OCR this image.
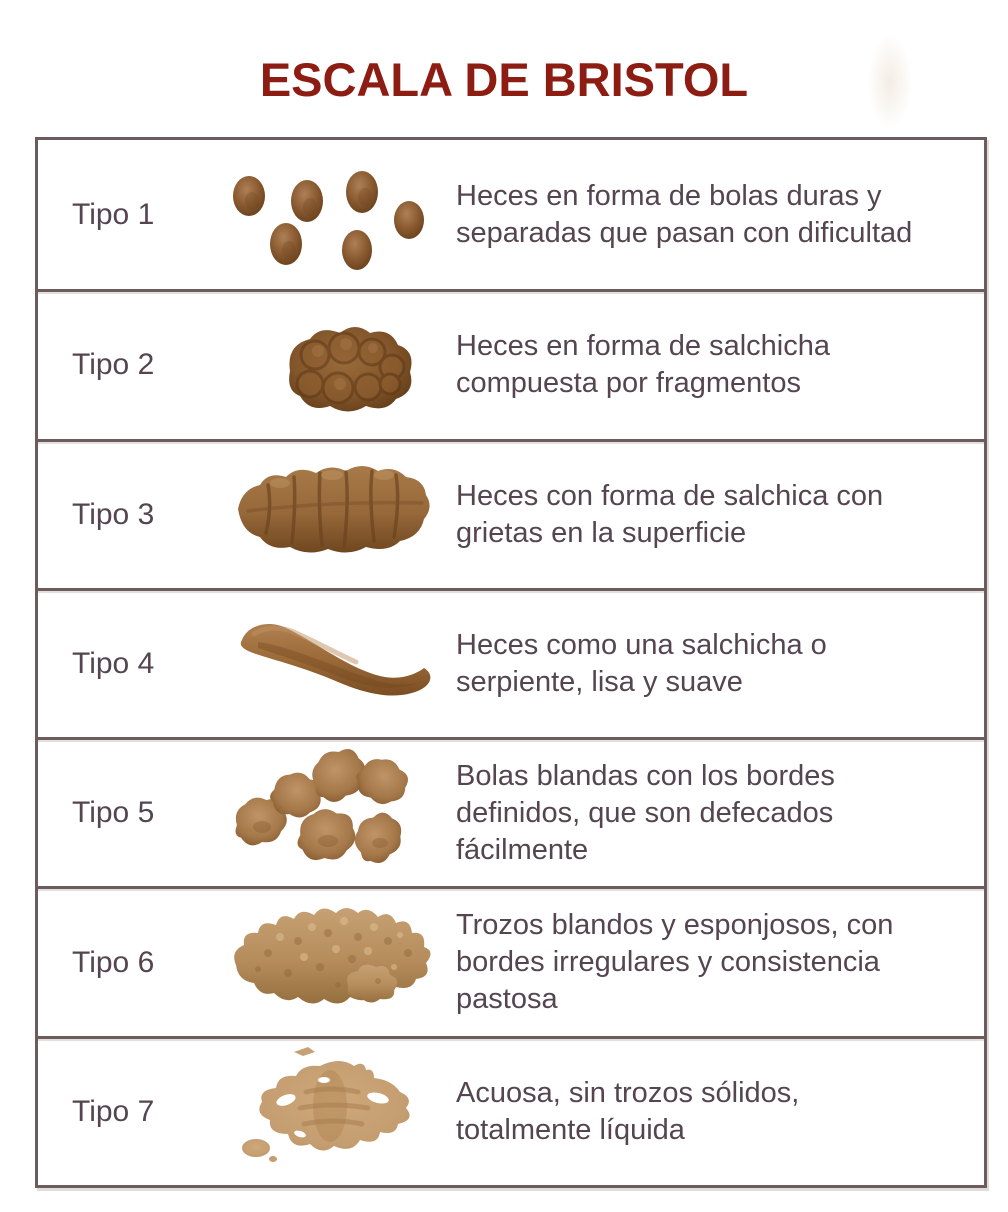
ESCALA DE BRISTOL
Tipo 1
Heces en forma de bolas duras y
separadas que pasan con dificultad
Tipo 2
Heces en forma de salchicha
compuesta por fragmentos
Tipo 3
Heces con forma de salchica con
grietas en la superficie
Tipo 4
Heces como una salchicha o
serpiente, lisa y suave
Tipo 5
Bolas blandas con los bordes
definidos, que son defecados
fácilmente
Tipo 6
Trozos blandos y esponjosos, con
bordes irregulares y consistencia
pastosa
Tipo 7
Acuosa, sin trozos sólidos,
totalmente líquida
